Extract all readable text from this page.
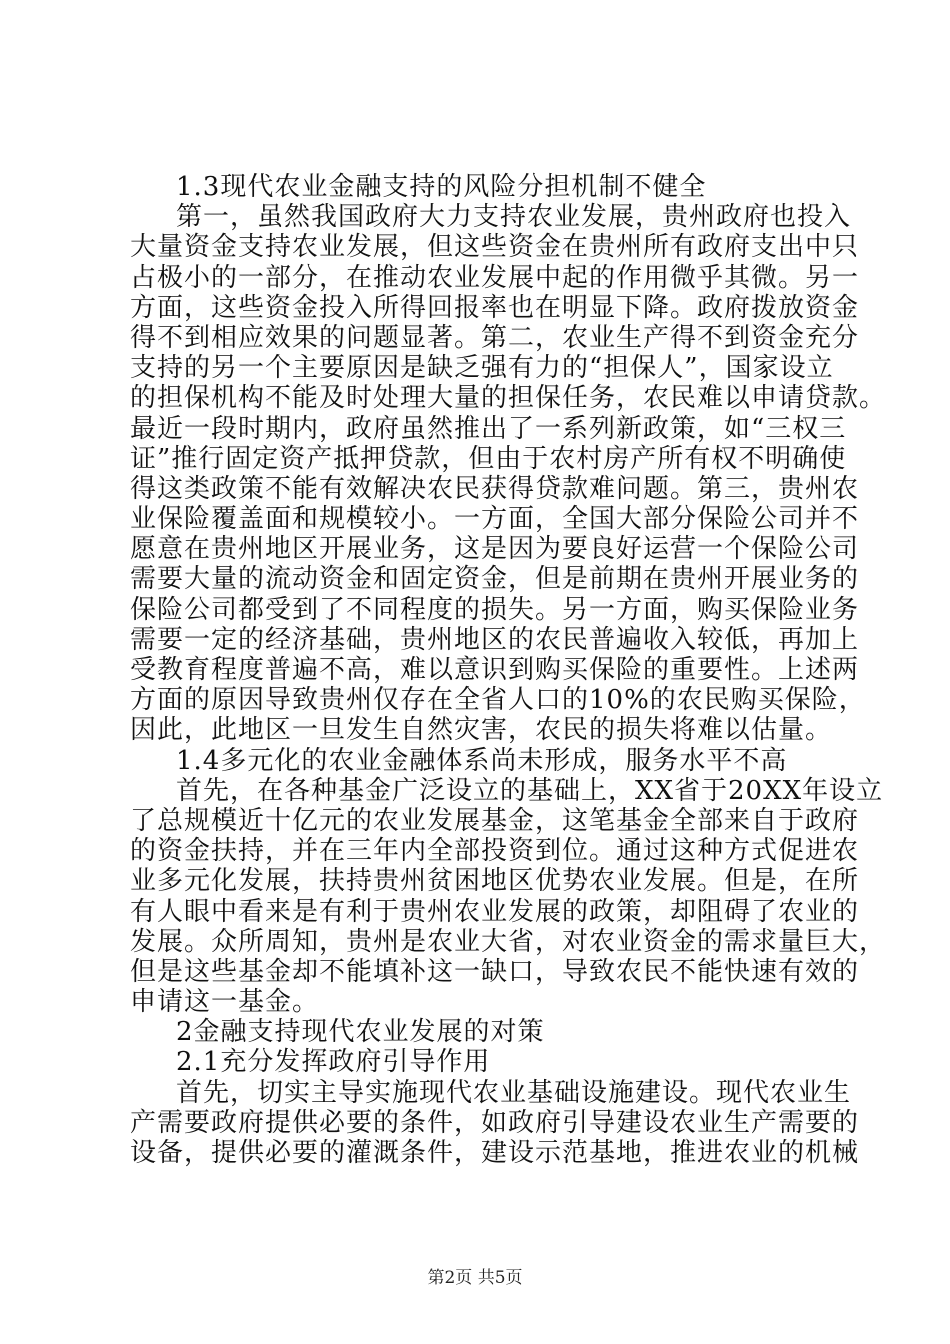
1.3现代农业金融支持的风险分担机制不健全
第一，虽然我国政府大力支持农业发展，贵州政府也投入
大量资金支持农业发展，但这些资金在贵州所有政府支出中只
占极小的一部分，在推动农业发展中起的作用微乎其微。另一
方面，这些资金投入所得回报率也在明显下降。政府拨放资金
得不到相应效果的问题显著。第二，农业生产得不到资金充分
支持的另一个主要原因是缺乏强有力的“担保人”，国家设立
的担保机构不能及时处理大量的担保任务，农民难以申请贷款。
最近一段时期内，政府虽然推出了一系列新政策，如“三权三
证”推行固定资产抵押贷款，但由于农村房产所有权不明确使
得这类政策不能有效解决农民获得贷款难问题。第三，贵州农
业保险覆盖面和规模较小。一方面，全国大部分保险公司并不
愿意在贵州地区开展业务，这是因为要良好运营一个保险公司
需要大量的流动资金和固定资金，但是前期在贵州开展业务的
保险公司都受到了不同程度的损失。另一方面，购买保险业务
需要一定的经济基础，贵州地区的农民普遍收入较低，再加上
受教育程度普遍不高，难以意识到购买保险的重要性。上述两
方面的原因导致贵州仅存在全省人口的10%的农民购买保险，
因此，此地区一旦发生自然灾害，农民的损失将难以估量。
1.4多元化的农业金融体系尚未形成，服务水平不高
首先，在各种基金广泛设立的基础上，XX省于20XX年设立
了总规模近十亿元的农业发展基金，这笔基金全部来自于政府
的资金扶持，并在三年内全部投资到位。通过这种方式促进农
业多元化发展，扶持贵州贫困地区优势农业发展。但是，在所
有人眼中看来是有利于贵州农业发展的政策，却阻碍了农业的
发展。众所周知，贵州是农业大省，对农业资金的需求量巨大，
但是这些基金却不能填补这一缺口，导致农民不能快速有效的
申请这一基金。
2金融支持现代农业发展的对策
2.1充分发挥政府引导作用
首先，切实主导实施现代农业基础设施建设。现代农业生
产需要政府提供必要的条件，如政府引导建设农业生产需要的
设备，提供必要的灌溉条件，建设示范基地，推进农业的机械
第2页 共5页
